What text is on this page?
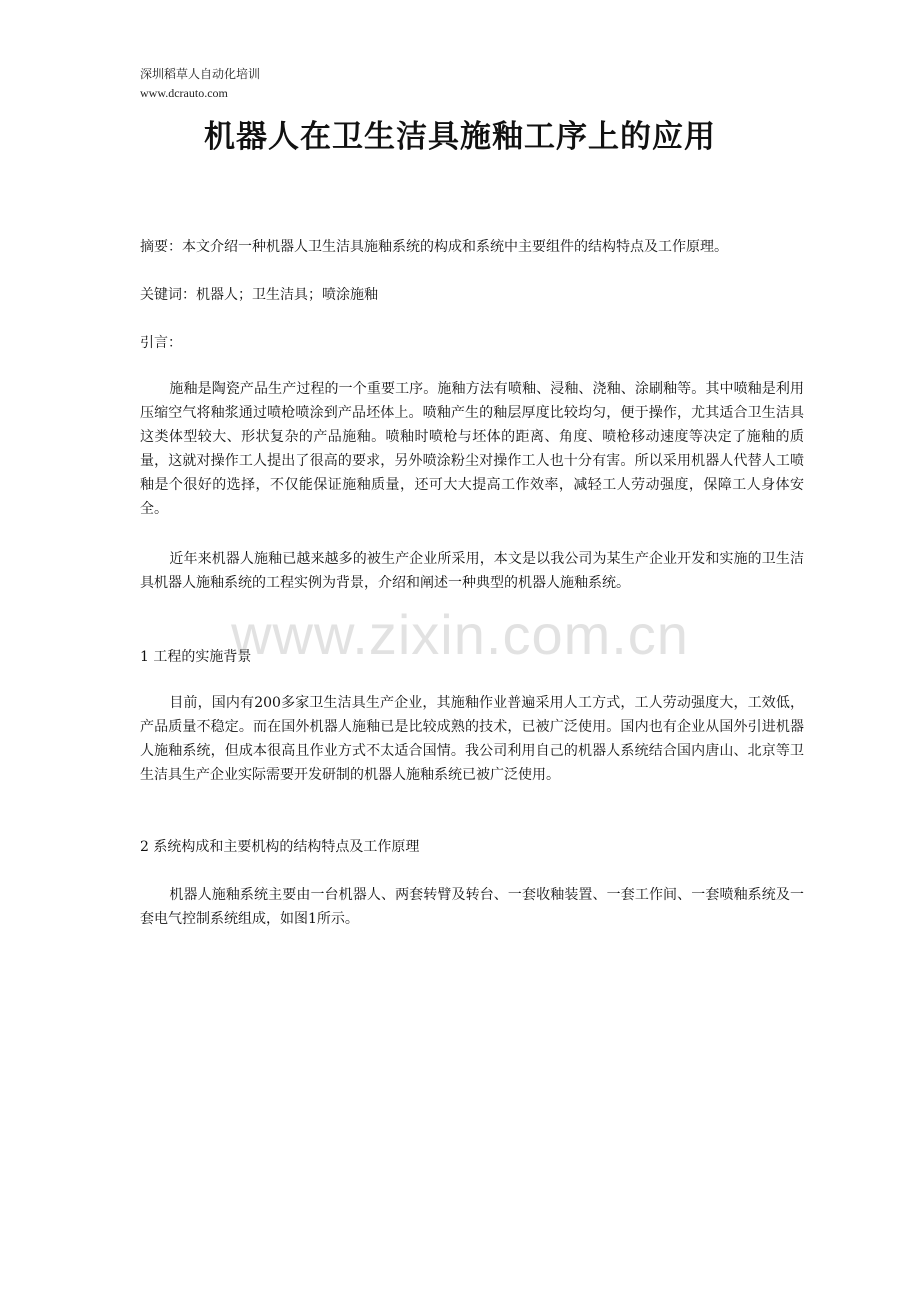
深圳稻草人自动化培训
www.dcrauto.com
机器人在卫生洁具施釉工序上的应用

摘要：本文介绍一种机器人卫生洁具施釉系统的构成和系统中主要组件的结构特点及工作原理。

关键词：机器人；卫生洁具；喷涂施釉

引言：

施釉是陶瓷产品生产过程的一个重要工序。施釉方法有喷釉、浸釉、浇釉、涂刷釉等。其中喷釉是利用压缩空气将釉浆通过喷枪喷涂到产品坯体上。喷釉产生的釉层厚度比较均匀，便于操作，尤其适合卫生洁具这类体型较大、形状复杂的产品施釉。喷釉时喷枪与坯体的距离、角度、喷枪移动速度等决定了施釉的质量，这就对操作工人提出了很高的要求，另外喷涂粉尘对操作工人也十分有害。所以采用机器人代替人工喷釉是个很好的选择，不仅能保证施釉质量，还可大大提高工作效率，减轻工人劳动强度，保障工人身体安全。

近年来机器人施釉已越来越多的被生产企业所采用，本文是以我公司为某生产企业开发和实施的卫生洁具机器人施釉系统的工程实例为背景，介绍和阐述一种典型的机器人施釉系统。

www.zixin.com.cn

1 工程的实施背景

目前，国内有200多家卫生洁具生产企业，其施釉作业普遍采用人工方式，工人劳动强度大，工效低，产品质量不稳定。而在国外机器人施釉已是比较成熟的技术，已被广泛使用。国内也有企业从国外引进机器人施釉系统，但成本很高且作业方式不太适合国情。我公司利用自己的机器人系统结合国内唐山、北京等卫生洁具生产企业实际需要开发研制的机器人施釉系统已被广泛使用。

2 系统构成和主要机构的结构特点及工作原理

机器人施釉系统主要由一台机器人、两套转臂及转台、一套收釉装置、一套工作间、一套喷釉系统及一套电气控制系统组成，如图1所示。
